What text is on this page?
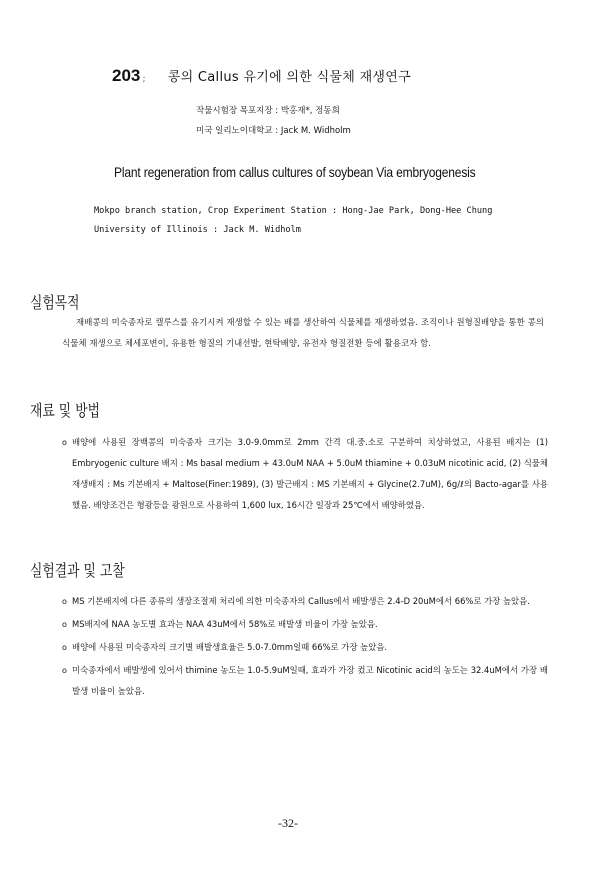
203 ; 콩의 Callus 유기에 의한 식물체 재생연구
작물시험장 목포지장 : 박홍재*, 정동희
미국 일리노이대학교 : Jack M. Widholm
Plant regeneration from callus cultures of soybean Via embryogenesis
Mokpo branch station, Crop Experiment Station : Hong-Jae Park, Dong-Hee Chung
University of Illinois : Jack M. Widholm
실험목적

재배콩의 미숙종자로 캘루스를 유기시켜 재생할 수 있는 배를 생산하여 식물체를 재생하였음. 조직이나 원형질배양을 통한 콩의 식물체 재생으로 체세포변이, 유용한 형질의 기내선발, 현탁배양, 유전자 형질전환 등에 활용코자 함.

재료 및 방법
o 배양에 사용된 장백콩의 미숙종자 크기는 3.0-9.0mm로 2mm 간격 대.중.소로 구분하여 치상하였고, 사용된 배지는 (1) Embryogenic culture 배지 : Ms basal medium + 43.0uM NAA + 5.0uM thiamine + 0.03uM nicotinic acid, (2) 식물체 재생배지 : Ms 기본배지 + Maltose(Finer:1989), (3) 발근배지 : MS 기본배지 + Glycine(2.7uM), 6g/ℓ의 Bacto-agar를 사용했음. 배양조건은 형광등을 광원으로 사용하여 1,600 lux, 16시간 일장과 25℃에서 배양하였음.
실험결과 및 고찰
o MS 기본배지에 다른 종류의 생장조절제 처리에 의한 미숙종자의 Callus에서 배발생은 2.4-D 20uM에서 66%로 가장 높았음.
o MS배지에 NAA 농도별 효과는 NAA 43uM에서 58%로 배발생 비율이 가장 높았음.
o 배양에 사용된 미숙종자의 크기별 배발생효율은 5.0-7.0mm일때 66%로 가장 높았음.
o 미숙종자에서 배발생에 있어서 thimine 농도는 1.0-5.9uM일때, 효과가 가장 컸고 Nicotinic acid의 농도는 32.4uM에서 가장 배발생 비율이 높았음.
-32-
